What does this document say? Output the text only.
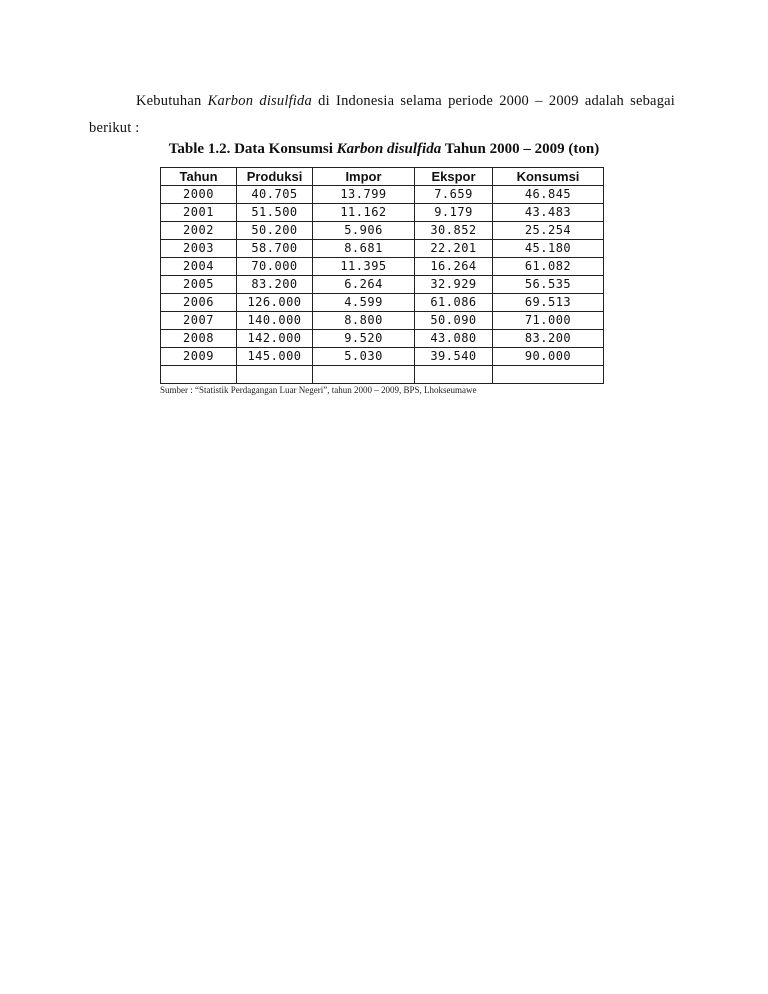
Kebutuhan Karbon disulfida di Indonesia selama periode 2000 – 2009 adalah sebagai berikut :
Table 1.2. Data Konsumsi Karbon disulfida Tahun 2000 – 2009 (ton)
Tahun	Produksi	Impor	Ekspor	Konsumsi
2000	40.705	13.799	7.659	46.845
2001	51.500	11.162	9.179	43.483
2002	50.200	5.906	30.852	25.254
2003	58.700	8.681	22.201	45.180
2004	70.000	11.395	16.264	61.082
2005	83.200	6.264	32.929	56.535
2006	126.000	4.599	61.086	69.513
2007	140.000	8.800	50.090	71.000
2008	142.000	9.520	43.080	83.200
2009	145.000	5.030	39.540	90.000

Sumber : “Statistik Perdagangan Luar Negeri”, tahun 2000 – 2009, BPS, Lhokseumawe
